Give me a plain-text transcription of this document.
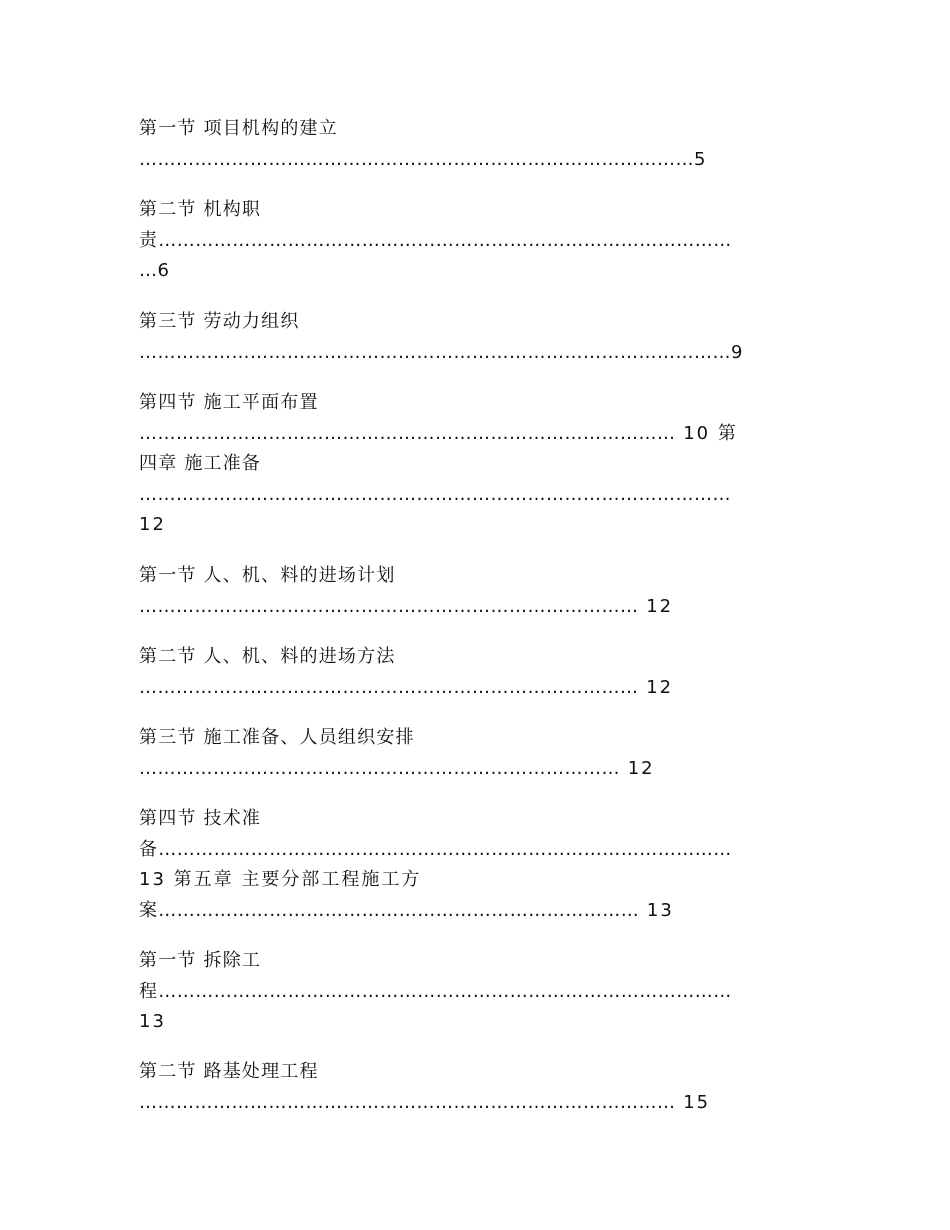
第一节 项目机构的建立
………………………………………………………………………………5
第二节 机构职
责…………………………………………………………………………………
…6
第三节 劳动力组织
……………………………………………………………………………………9
第四节 施工平面布置
…………………………………………………………………………… 10 第
四章 施工准备
……………………………………………………………………………………
12
第一节 人、机、料的进场计划
……………………………………………………………………… 12
第二节 人、机、料的进场方法
……………………………………………………………………… 12
第三节 施工准备、人员组织安排
…………………………………………………………………… 12
第四节 技术准
备…………………………………………………………………………………
13 第五章 主要分部工程施工方
案…………………………………………………………………… 13
第一节 拆除工
程…………………………………………………………………………………
13
第二节 路基处理工程
…………………………………………………………………………… 15
